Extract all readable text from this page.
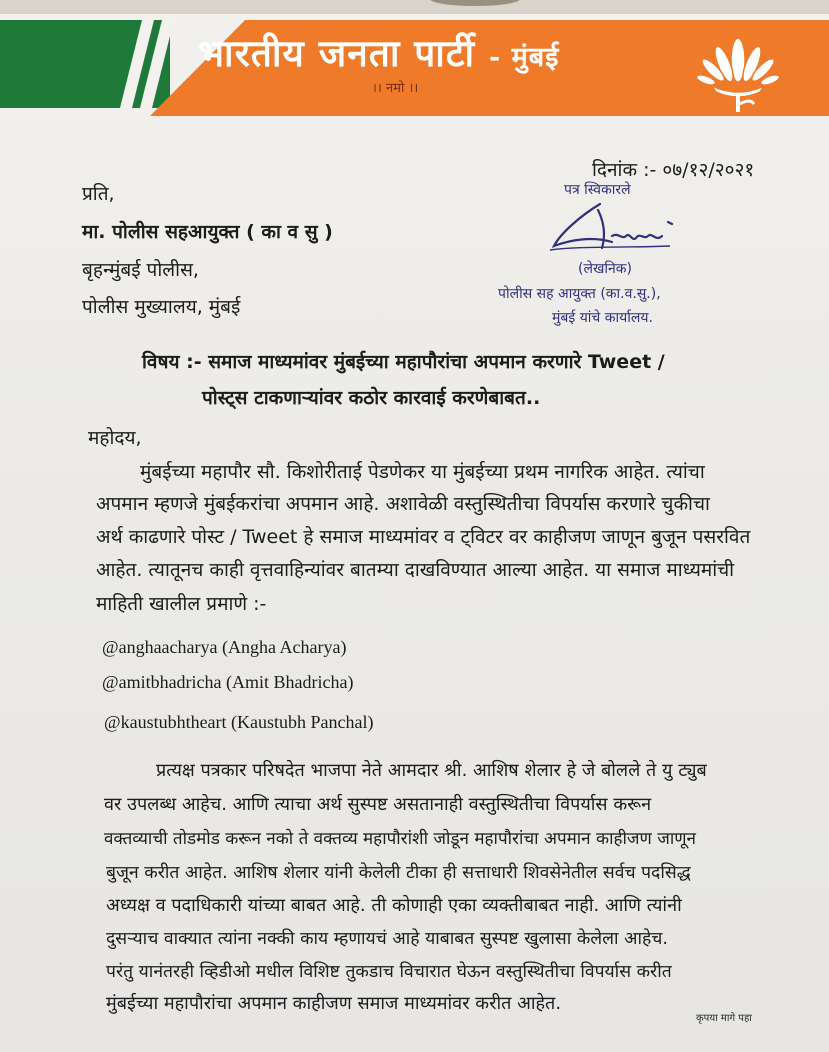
भारतीय जनता पार्टी - मुंबई
।। नमो ।।
दिनांक :- ०७/१२/२०२१
प्रति,
मा. पोलीस सहआयुक्त ( का व सु )
बृहन्मुंबई पोलीस,
पोलीस मुख्यालय, मुंबई
पत्र स्विकारले
(लेखनिक)
पोलीस सह आयुक्त (का.व.सु.),
मुंबई यांचे कार्यालय.
विषय :- समाज माध्यमांवर मुंबईच्या महापौरांचा अपमान करणारे Tweet /
पोस्ट्स टाकणाऱ्यांवर कठोर कारवाई करणेबाबत..
महोदय,
मुंबईच्या महापौर सौ. किशोरीताई पेडणेकर या मुंबईच्या प्रथम नागरिक आहेत. त्यांचा
अपमान म्हणजे मुंबईकरांचा अपमान आहे. अशावेळी वस्तुस्थितीचा विपर्यास करणारे चुकीचा
अर्थ काढणारे पोस्ट / Tweet हे समाज माध्यमांवर व ट्विटर वर काहीजण जाणून बुजून पसरवित
आहेत. त्यातूनच काही वृत्तवाहिन्यांवर बातम्या दाखविण्यात आल्या आहेत. या समाज माध्यमांची
माहिती खालील प्रमाणे :-
@anghaacharya (Angha Acharya)
@amitbhadricha (Amit Bhadricha)
@kaustubhtheart (Kaustubh Panchal)
प्रत्यक्ष पत्रकार परिषदेत भाजपा नेते आमदार श्री. आशिष शेलार हे जे बोलले ते यु ट्युब
वर उपलब्ध आहेच. आणि त्याचा अर्थ सुस्पष्ट असतानाही वस्तुस्थितीचा विपर्यास करून
वक्तव्याची तोडमोड करून नको ते वक्तव्य महापौरांशी जोडून महापौरांचा अपमान काहीजण जाणून
बुजून करीत आहेत. आशिष शेलार यांनी केलेली टीका ही सत्ताधारी शिवसेनेतील सर्वच पदसिद्ध
अध्यक्ष व पदाधिकारी यांच्या बाबत आहे. ती कोणाही एका व्यक्तीबाबत नाही. आणि त्यांनी
दुसऱ्याच वाक्यात त्यांना नक्की काय म्हणायचं आहे याबाबत सुस्पष्ट खुलासा केलेला आहेच.
परंतु यानंतरही व्हिडीओ मधील विशिष्ट तुकडाच विचारात घेऊन वस्तुस्थितीचा विपर्यास करीत
मुंबईच्या महापौरांचा अपमान काहीजण समाज माध्यमांवर करीत आहेत.
कृपया मागे पहा
